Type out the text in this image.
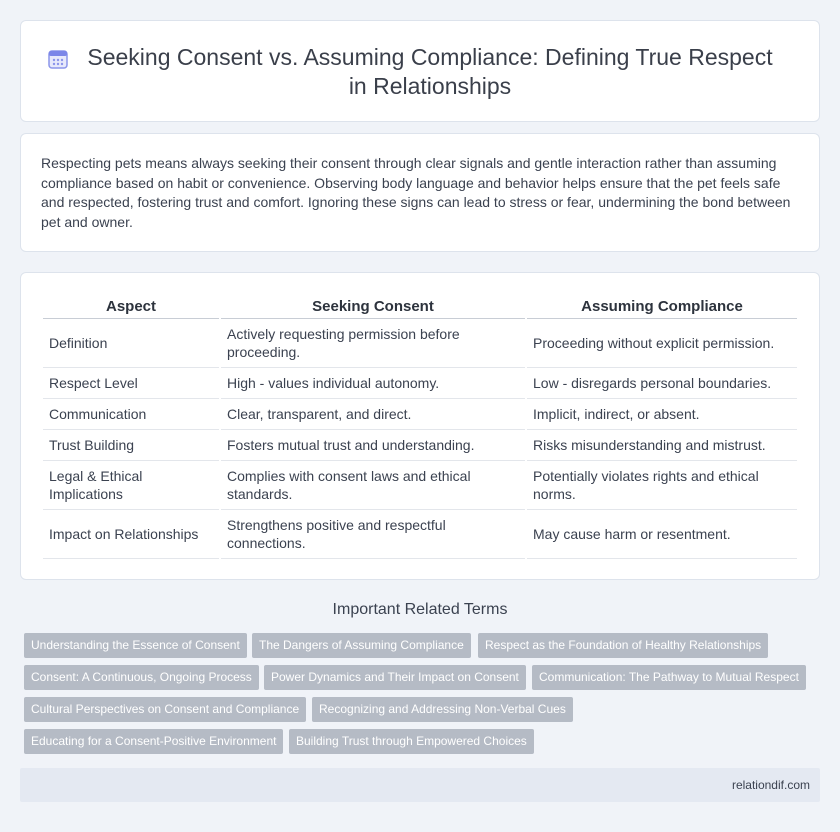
Seeking Consent vs. Assuming Compliance: Defining True Respect in Relationships

Respecting pets means always seeking their consent through clear signals and gentle interaction rather than assuming compliance based on habit or convenience. Observing body language and behavior helps ensure that the pet feels safe and respected, fostering trust and comfort. Ignoring these signs can lead to stress or fear, undermining the bond between pet and owner.

Aspect	Seeking Consent	Assuming Compliance
Definition	Actively requesting permission before proceeding.	Proceeding without explicit permission.
Respect Level	High - values individual autonomy.	Low - disregards personal boundaries.
Communication	Clear, transparent, and direct.	Implicit, indirect, or absent.
Trust Building	Fosters mutual trust and understanding.	Risks misunderstanding and mistrust.
Legal & Ethical Implications	Complies with consent laws and ethical standards.	Potentially violates rights and ethical norms.
Impact on Relationships	Strengthens positive and respectful connections.	May cause harm or resentment.
Important Related Terms
Understanding the Essence of Consent	The Dangers of Assuming Compliance	Respect as the Foundation of Healthy Relationships
Consent: A Continuous, Ongoing Process	Power Dynamics and Their Impact on Consent	Communication: The Pathway to Mutual Respect
Cultural Perspectives on Consent and Compliance	Recognizing and Addressing Non-Verbal Cues
Educating for a Consent-Positive Environment	Building Trust through Empowered Choices
relationdif.com
